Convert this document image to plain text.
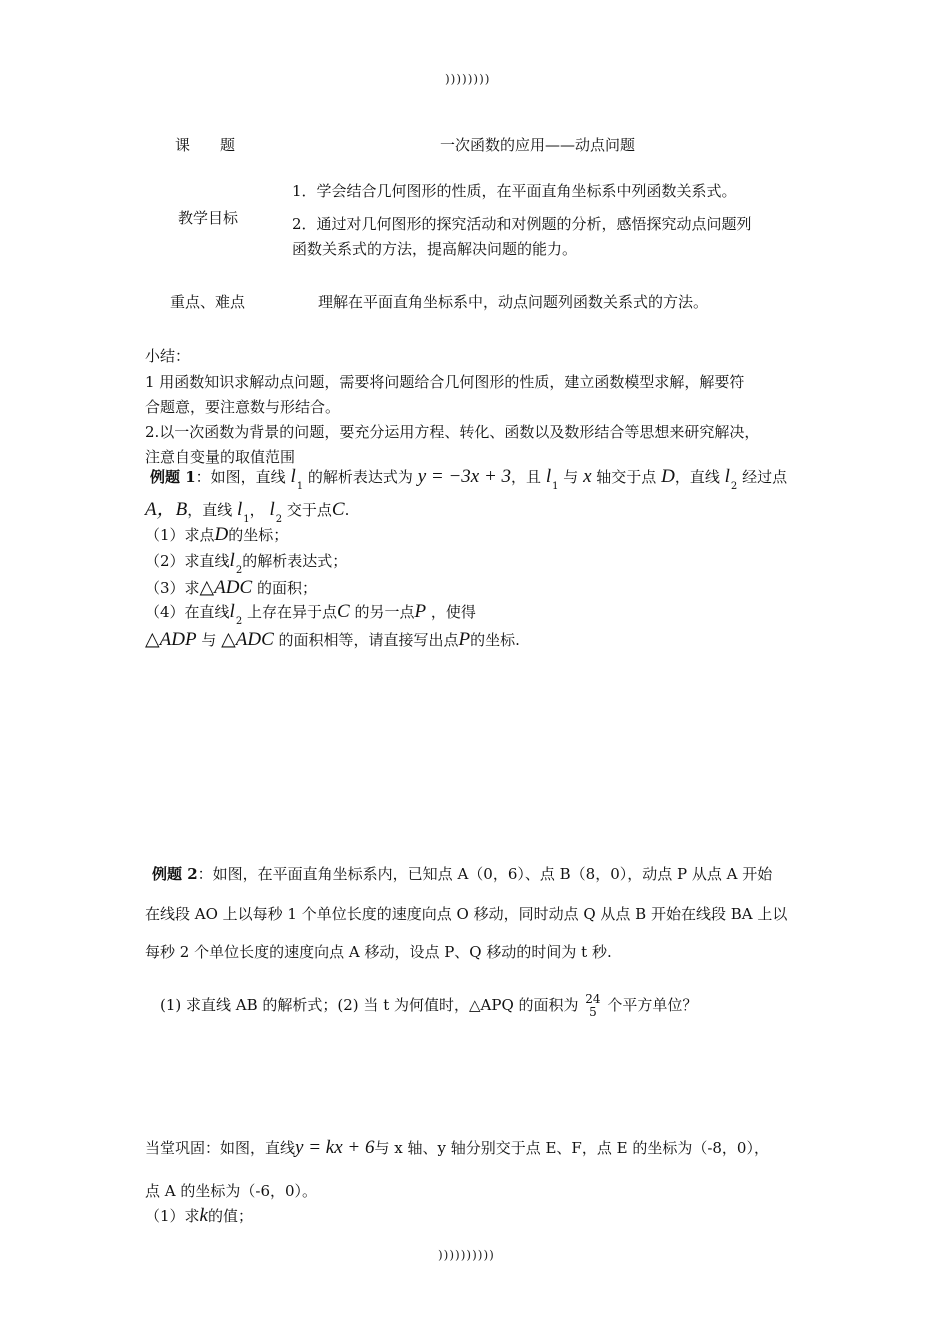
))))))))
))))))))))
课　　题	一次函数的应用——动点问题
教学目标
1．学会结合几何图形的性质，在平面直角坐标系中列函数关系式。
2．通过对几何图形的探究活动和对例题的分析，感悟探究动点问题列
函数关系式的方法，提高解决问题的能力。
重点、难点	理解在平面直角坐标系中，动点问题列函数关系式的方法。
小结：
1 用函数知识求解动点问题，需要将问题给合几何图形的性质，建立函数模型求解，解要符
合题意，要注意数与形结合。
2.以一次函数为背景的问题，要充分运用方程、转化、函数以及数形结合等思想来研究解决，
注意自变量的取值范围
例题 1：如图，直线 $l_1$ 的解析表达式为 y = −3x + 3，且 $l_1$ 与 x 轴交于点 D，直线 $l_2$ 经过点
A，B，直线 $l_1$， $l_2$ 交于点C.
（1）求点D的坐标；
（2）求直线$l_2$的解析表达式；
（3）求△ADC 的面积；
（4）在直线$l_2$ 上存在异于点C 的另一点P ，使得
△ADP 与 △ADC 的面积相等，请直接写出点P的坐标.
例题 2：如图，在平面直角坐标系内，已知点 A（0，6）、点 B（8，0），动点 P 从点 A 开始
在线段 AO 上以每秒 1 个单位长度的速度向点 O 移动，同时动点 Q 从点 B 开始在线段 BA 上以
每秒 2 个单位长度的速度向点 A 移动，设点 P、Q 移动的时间为 t 秒.
(1) 求直线 AB 的解析式；(2) 当 t 为何值时，△APQ 的面积为 24
5 个平方单位？
当堂巩固：如图，直线y = kx + 6与 x 轴、y 轴分别交于点 E、F，点 E 的坐标为（-8，0），
点 A 的坐标为（-6，0）。
（1）求k的值；
